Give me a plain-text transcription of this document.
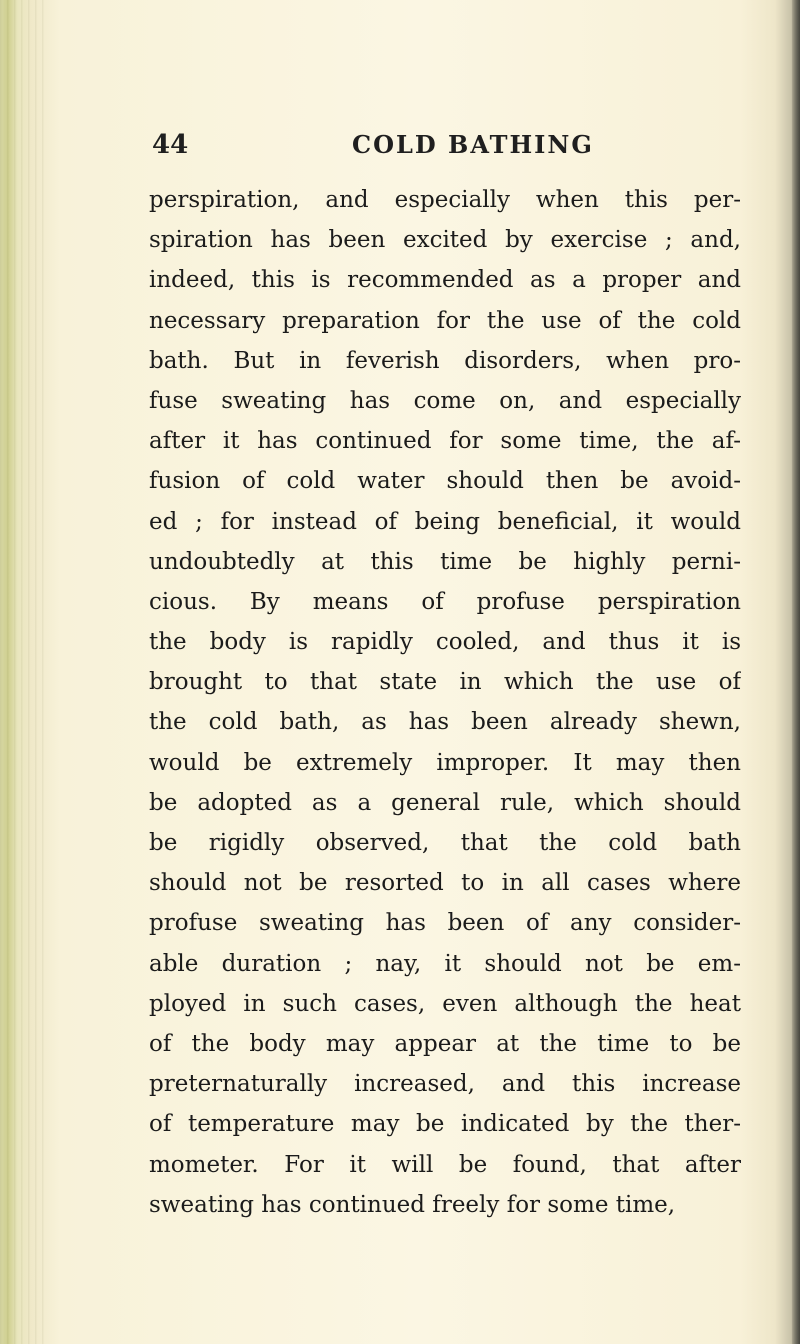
44	COLD BATHING
perspiration, and especially when this per-
spiration has been excited by exercise ; and,
indeed, this is recommended as a proper and
necessary preparation for the use of the cold
bath. But in feverish disorders, when pro-
fuse sweating has come on, and especially
after it has continued for some time, the af-
fusion of cold water should then be avoid-
ed ; for instead of being beneficial, it would
undoubtedly at this time be highly perni-
cious. By means of profuse perspiration
the body is rapidly cooled, and thus it is
brought to that state in which the use of
the cold bath, as has been already shewn,
would be extremely improper. It may then
be adopted as a general rule, which should
be rigidly observed, that the cold bath
should not be resorted to in all cases where
profuse sweating has been of any consider-
able duration ; nay, it should not be em-
ployed in such cases, even although the heat
of the body may appear at the time to be
preternaturally increased, and this increase
of temperature may be indicated by the ther-
mometer. For it will be found, that after
sweating has continued freely for some time,
